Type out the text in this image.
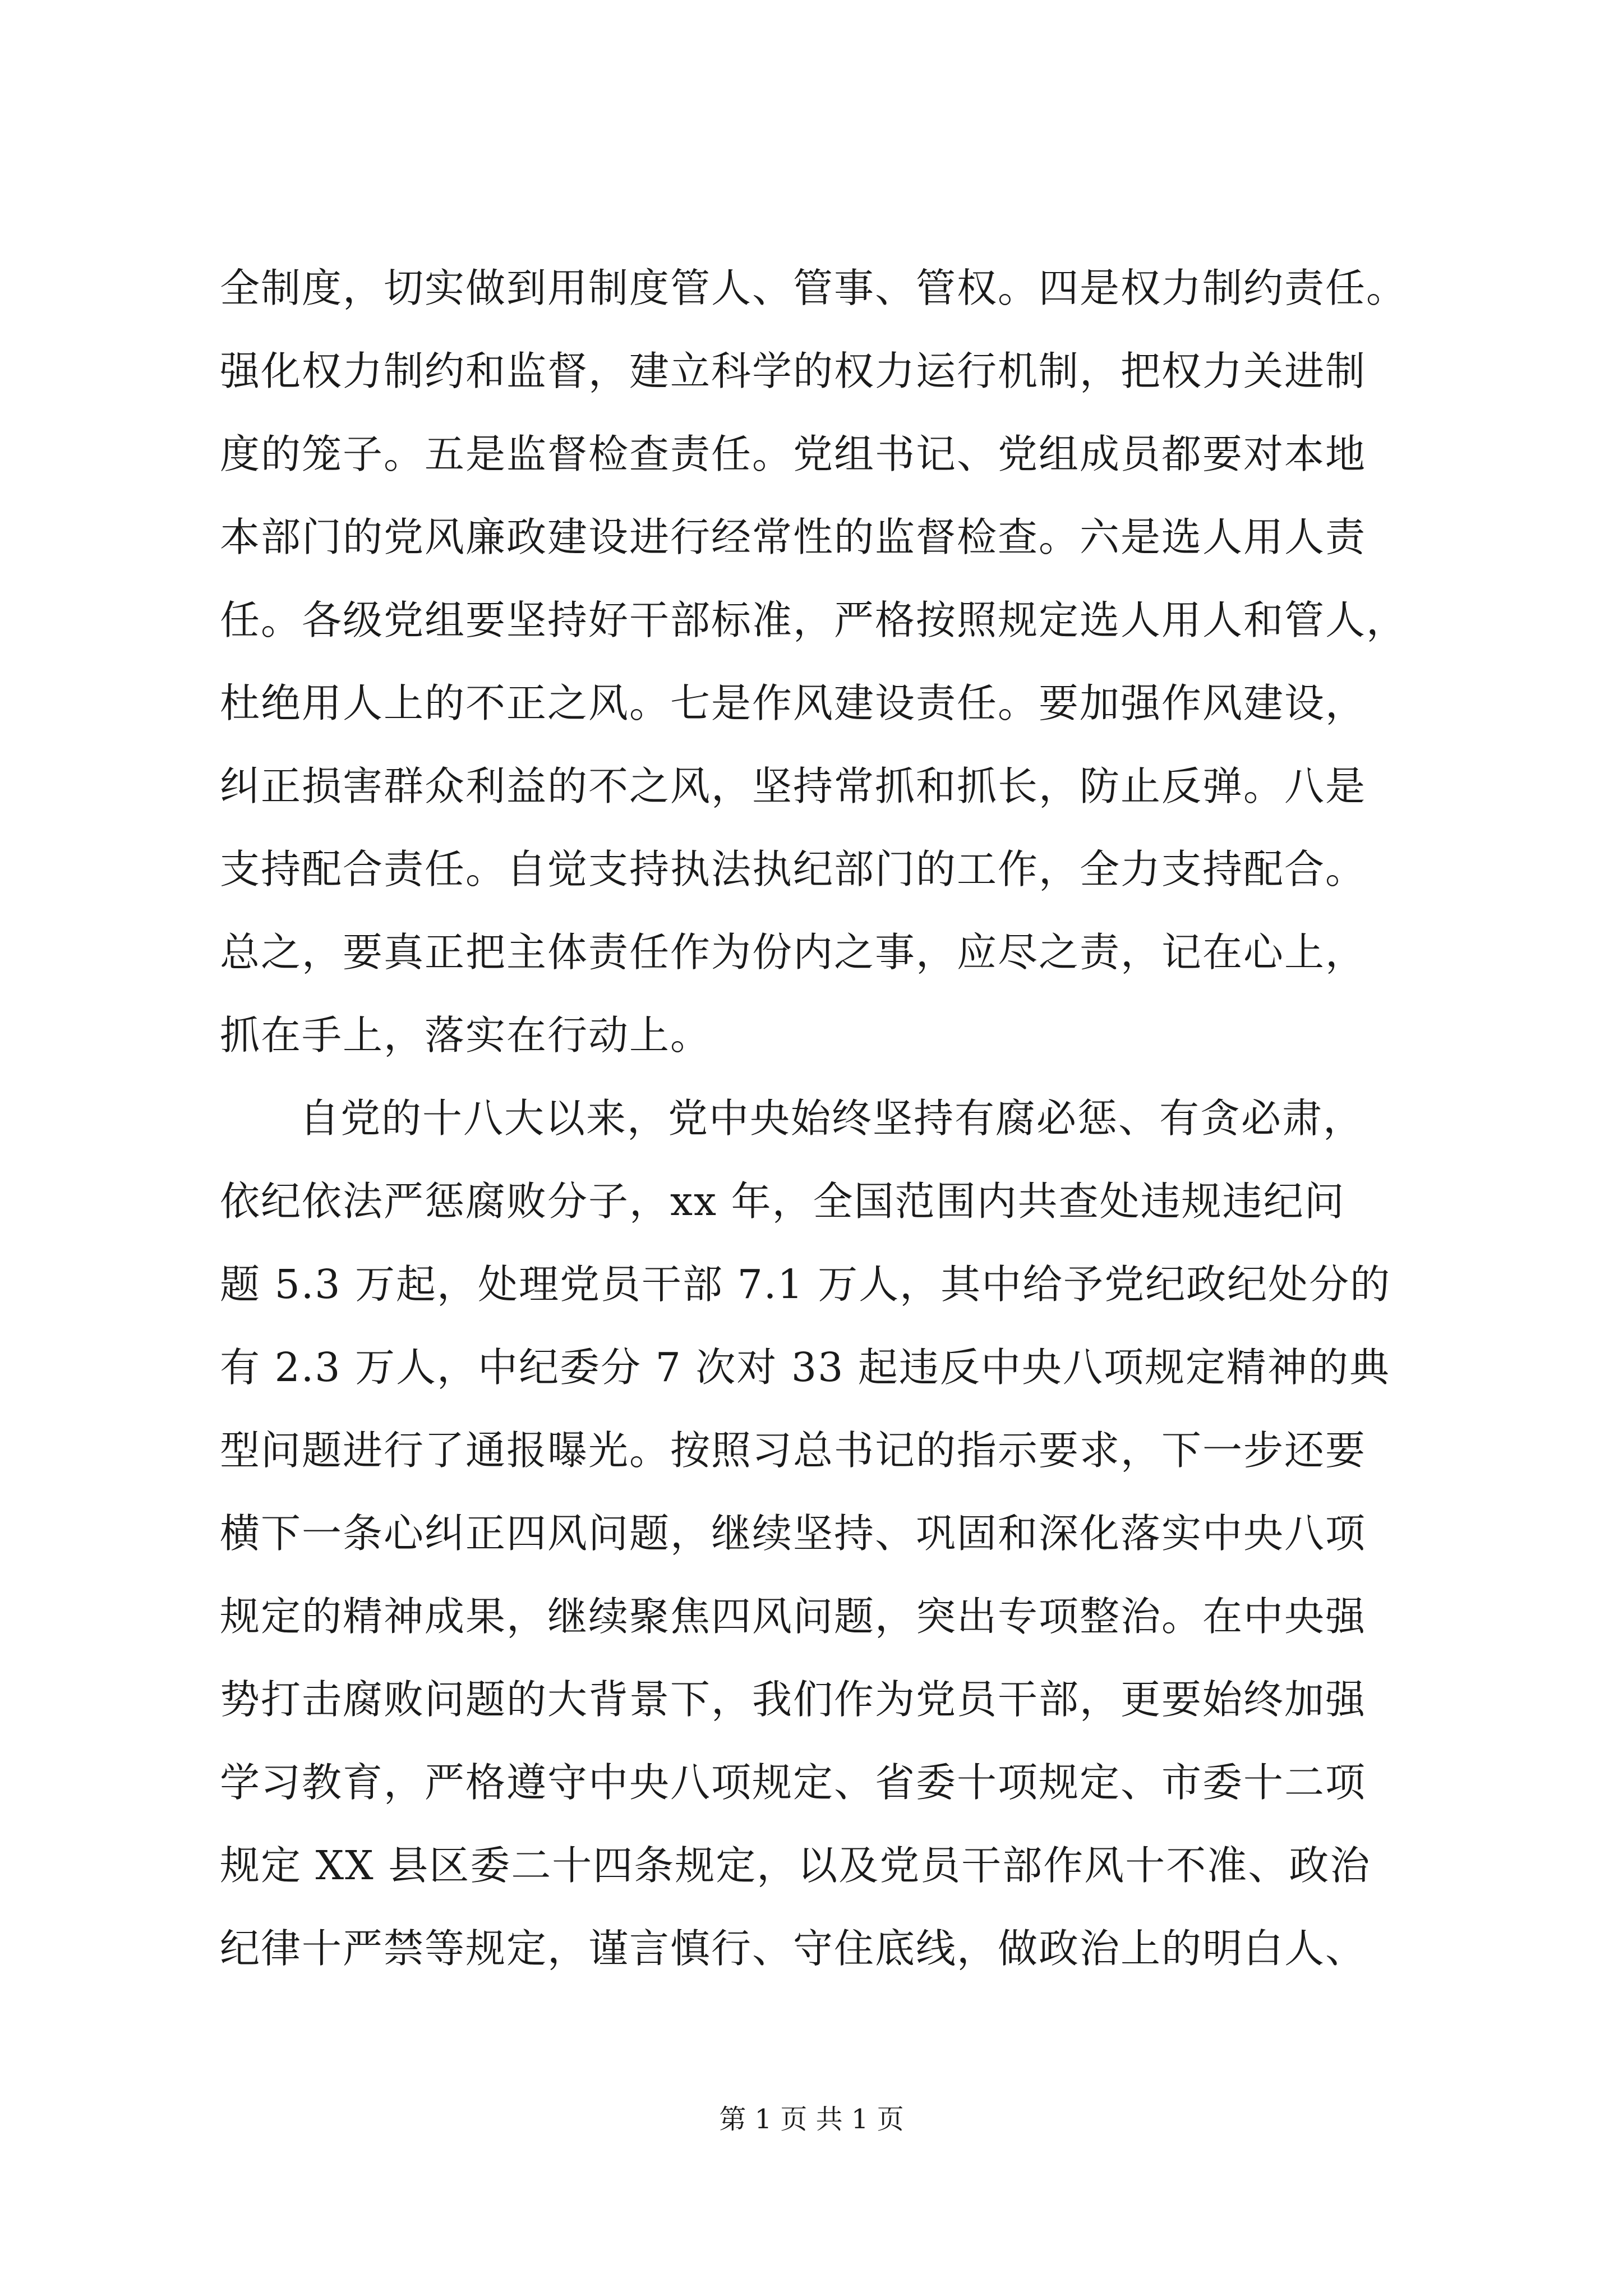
全制度，切实做到用制度管人、管事、管权。四是权力制约责任。
强化权力制约和监督，建立科学的权力运行机制，把权力关进制
度的笼子。五是监督检查责任。党组书记、党组成员都要对本地
本部门的党风廉政建设进行经常性的监督检查。六是选人用人责
任。各级党组要坚持好干部标准，严格按照规定选人用人和管人，
杜绝用人上的不正之风。七是作风建设责任。要加强作风建设，
纠正损害群众利益的不之风，坚持常抓和抓长，防止反弹。八是
支持配合责任。自觉支持执法执纪部门的工作，全力支持配合。
总之，要真正把主体责任作为份内之事，应尽之责，记在心上，
抓在手上，落实在行动上。
自党的十八大以来，党中央始终坚持有腐必惩、有贪必肃，
依纪依法严惩腐败分子，xx 年，全国范围内共查处违规违纪问
题 5.3 万起，处理党员干部 7.1 万人，其中给予党纪政纪处分的
有 2.3 万人，中纪委分 7 次对 33 起违反中央八项规定精神的典
型问题进行了通报曝光。按照习总书记的指示要求，下一步还要
横下一条心纠正四风问题，继续坚持、巩固和深化落实中央八项
规定的精神成果，继续聚焦四风问题，突出专项整治。在中央强
势打击腐败问题的大背景下，我们作为党员干部，更要始终加强
学习教育，严格遵守中央八项规定、省委十项规定、市委十二项
规定 XX 县区委二十四条规定，以及党员干部作风十不准、政治
纪律十严禁等规定，谨言慎行、守住底线，做政治上的明白人、
第 1 页 共 1 页
